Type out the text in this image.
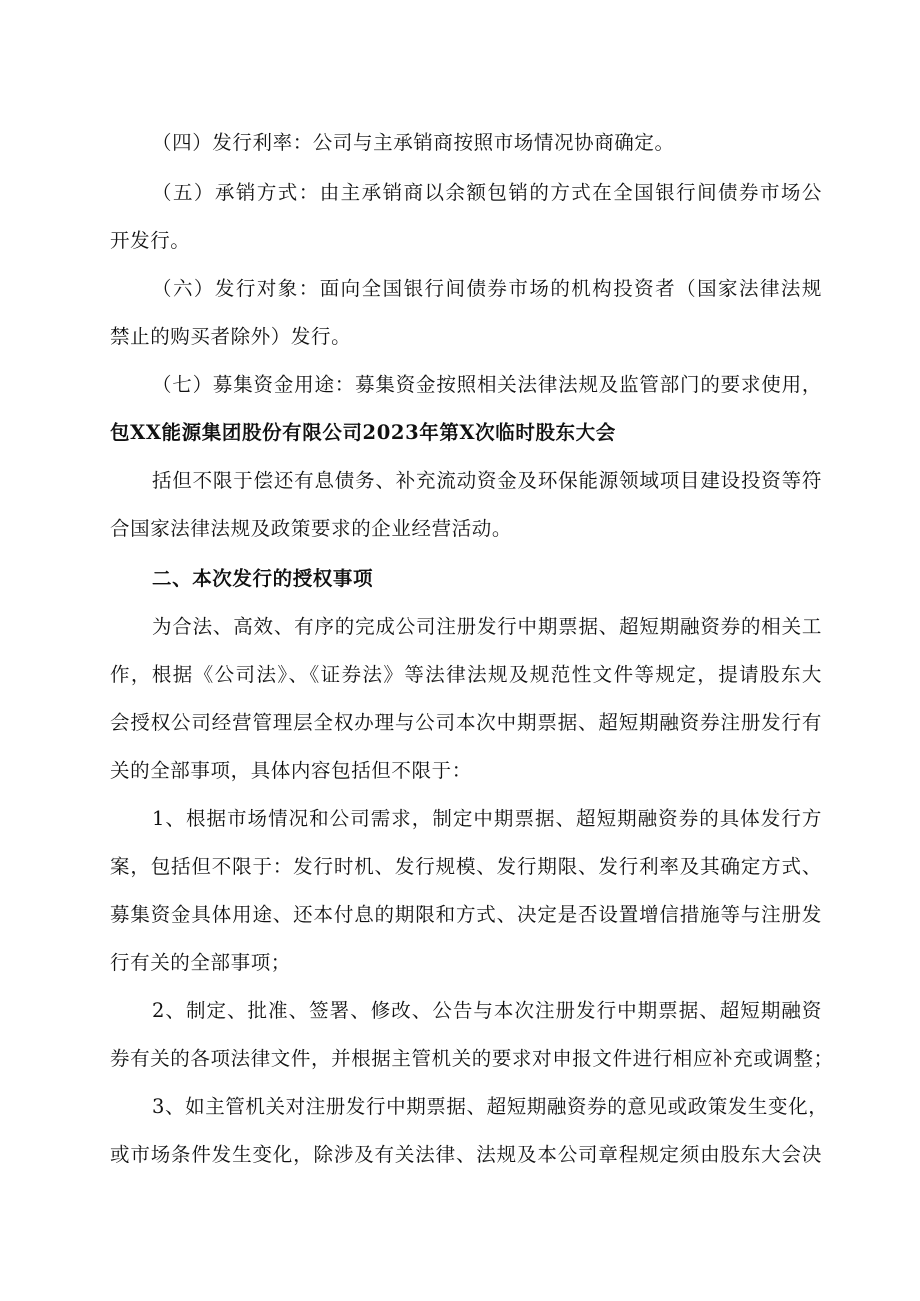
（四）发行利率：公司与主承销商按照市场情况协商确定。
（五）承销方式：由主承销商以余额包销的方式在全国银行间债券市场公
开发行。
（六）发行对象：面向全国银行间债券市场的机构投资者（国家法律法规
禁止的购买者除外）发行。
（七）募集资金用途：募集资金按照相关法律法规及监管部门的要求使用，
包XX能源集团股份有限公司2023年第X次临时股东大会
括但不限于偿还有息债务、补充流动资金及环保能源领域项目建设投资等符
合国家法律法规及政策要求的企业经营活动。
二、本次发行的授权事项
为合法、高效、有序的完成公司注册发行中期票据、超短期融资券的相关工
作，根据《公司法》、《证券法》等法律法规及规范性文件等规定，提请股东大
会授权公司经营管理层全权办理与公司本次中期票据、超短期融资券注册发行有
关的全部事项，具体内容包括但不限于：
1、根据市场情况和公司需求，制定中期票据、超短期融资券的具体发行方
案，包括但不限于：发行时机、发行规模、发行期限、发行利率及其确定方式、
募集资金具体用途、还本付息的期限和方式、决定是否设置增信措施等与注册发
行有关的全部事项；
2、制定、批准、签署、修改、公告与本次注册发行中期票据、超短期融资
券有关的各项法律文件，并根据主管机关的要求对申报文件进行相应补充或调整；
3、如主管机关对注册发行中期票据、超短期融资券的意见或政策发生变化，
或市场条件发生变化，除涉及有关法律、法规及本公司章程规定须由股东大会决
